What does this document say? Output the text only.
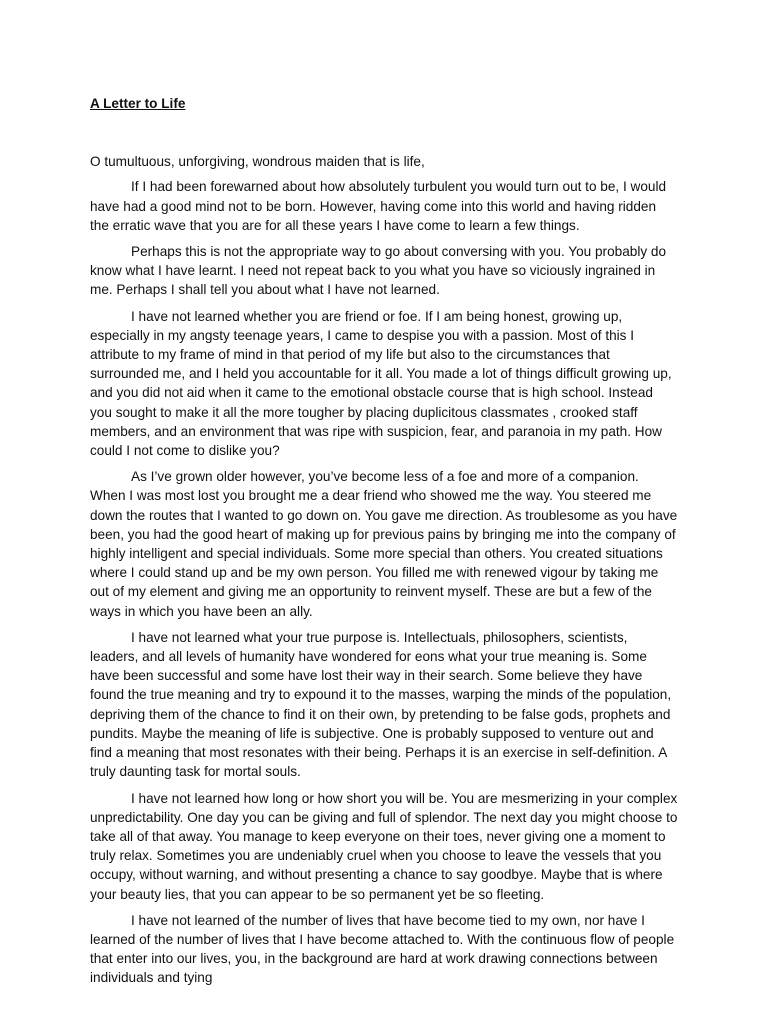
A Letter to Life

O tumultuous, unforgiving, wondrous maiden that is life,

If I had been forewarned about how absolutely turbulent you would turn out to be, I would have had a good mind not to be born. However, having come into this world and having ridden the erratic wave that you are for all these years I have come to learn a few things.

Perhaps this is not the appropriate way to go about conversing with you. You probably do know what I have learnt. I need not repeat back to you what you have so viciously ingrained in me. Perhaps I shall tell you about what I have not learned.

I have not learned whether you are friend or foe. If I am being honest, growing up, especially in my angsty teenage years, I came to despise you with a passion. Most of this I attribute to my frame of mind in that period of my life but also to the circumstances that surrounded me, and I held you accountable for it all. You made a lot of things difficult growing up, and you did not aid when it came to the emotional obstacle course that is high school. Instead you sought to make it all the more tougher by placing duplicitous classmates , crooked staff members, and an environment that was ripe with suspicion, fear, and paranoia in my path. How could I not come to dislike you?

As I’ve grown older however, you’ve become less of a foe and more of a companion. When I was most lost you brought me a dear friend who showed me the way. You steered me down the routes that I wanted to go down on. You gave me direction. As troublesome as you have been, you had the good heart of making up for previous pains by bringing me into the company of highly intelligent and special individuals. Some more special than others. You created situations where I could stand up and be my own person. You filled me with renewed vigour by taking me out of my element and giving me an opportunity to reinvent myself. These are but a few of the ways in which you have been an ally.

I have not learned what your true purpose is. Intellectuals, philosophers, scientists, leaders, and all levels of humanity have wondered for eons what your true meaning is. Some have been successful and some have lost their way in their search. Some believe they have found the true meaning and try to expound it to the masses, warping the minds of the population, depriving them of the chance to find it on their own, by pretending to be false gods, prophets and pundits. Maybe the meaning of life is subjective. One is probably supposed to venture out and find a meaning that most resonates with their being. Perhaps it is an exercise in self-definition. A truly daunting task for mortal souls.

I have not learned how long or how short you will be. You are mesmerizing in your complex unpredictability. One day you can be giving and full of splendor. The next day you might choose to take all of that away. You manage to keep everyone on their toes, never giving one a moment to truly relax. Sometimes you are undeniably cruel when you choose to leave the vessels that you occupy, without warning, and without presenting a chance to say goodbye. Maybe that is where your beauty lies, that you can appear to be so permanent yet be so fleeting.

I have not learned of the number of lives that have become tied to my own, nor have I learned of the number of lives that I have become attached to. With the continuous flow of people that enter into our lives, you, in the background are hard at work drawing connections between individuals and tying
